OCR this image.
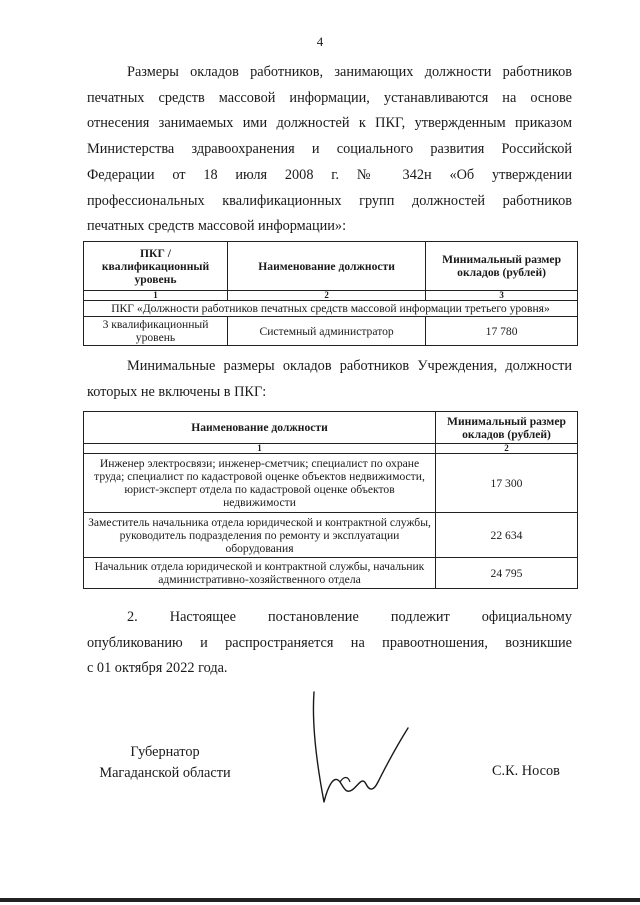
4

Размеры окладов работников, занимающих должности работников
печатных средств массовой информации, устанавливаются на основе
отнесения занимаемых ими должностей к ПКГ, утвержденным приказом
Министерства здравоохранения и социального развития Российской
Федерации от 18 июля 2008 г. № 342н «Об утверждении
профессиональных квалификационных групп должностей работников
печатных средств массовой информации»:

ПКГ / квалификационный уровень	Наименование должности	Минимальный размер окладов (рублей)
1	2	3
ПКГ «Должности работников печатных средств массовой информации третьего уровня»		
3 квалификационный уровень	Системный администратор	17 780

Минимальные размеры окладов работников Учреждения, должности
которых не включены в ПКГ:

Наименование должности	Минимальный размер окладов (рублей)
1	2
Инженер электросвязи; инженер-сметчик; специалист по охране труда; специалист по кадастровой оценке объектов недвижимости, юрист-эксперт отдела по кадастровой оценке объектов недвижимости	17 300
Заместитель начальника отдела юридической и контрактной службы, руководитель подразделения по ремонту и эксплуатации оборудования	22 634
Начальник отдела юридической и контрактной службы, начальник административно-хозяйственного отдела	24 795

2. Настоящее постановление подлежит официальному
опубликованию и распространяется на правоотношения, возникшие
с 01 октября 2022 года.

Губернатор
Магаданской области	С.К. Носов
